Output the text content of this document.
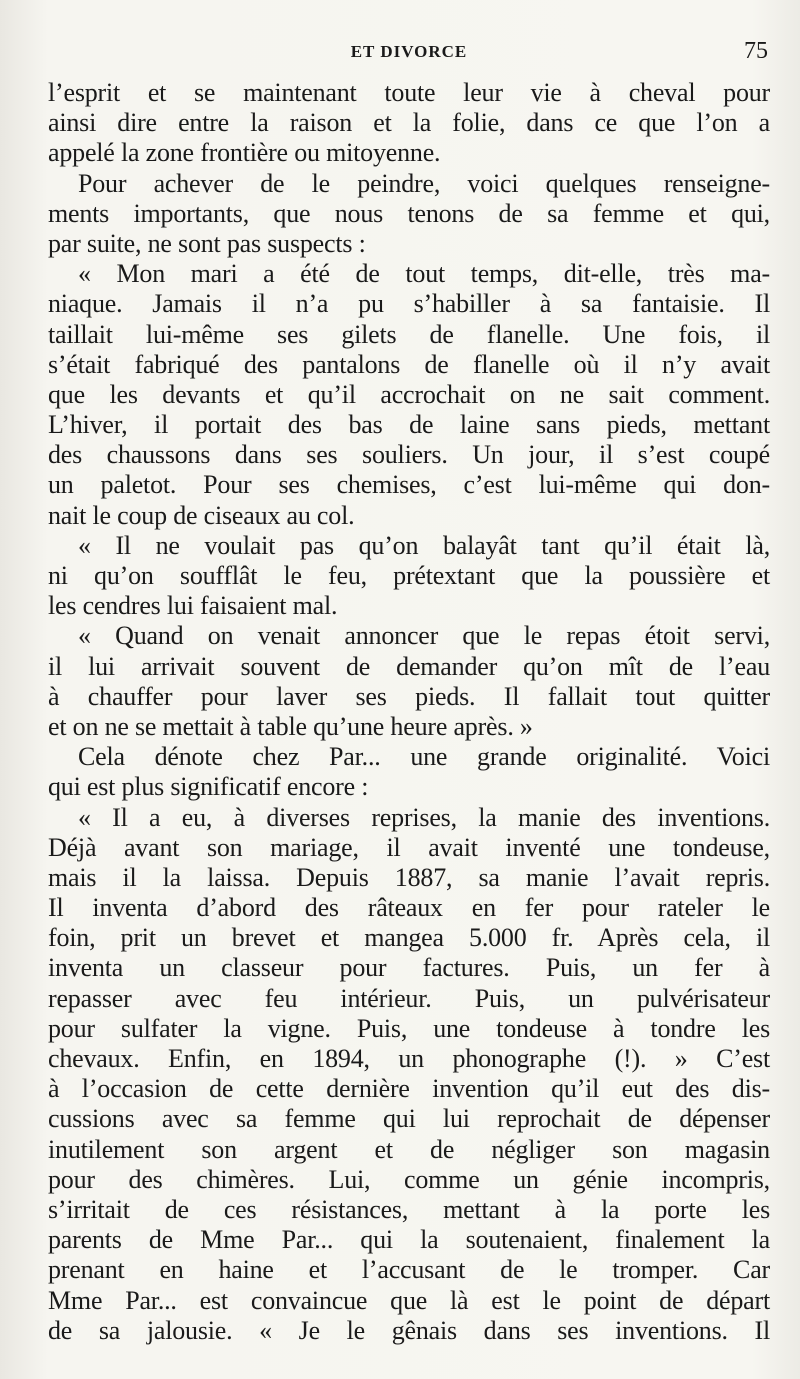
ET DIVORCE	75
l’esprit et se maintenant toute leur vie à cheval pour
ainsi dire entre la raison et la folie, dans ce que l’on a
appelé la zone frontière ou mitoyenne.
Pour achever de le peindre, voici quelques renseigne-
ments importants, que nous tenons de sa femme et qui,
par suite, ne sont pas suspects :
« Mon mari a été de tout temps, dit-elle, très ma-
niaque. Jamais il n’a pu s’habiller à sa fantaisie. Il
taillait lui-même ses gilets de flanelle. Une fois, il
s’était fabriqué des pantalons de flanelle où il n’y avait
que les devants et qu’il accrochait on ne sait comment.
L’hiver, il portait des bas de laine sans pieds, mettant
des chaussons dans ses souliers. Un jour, il s’est coupé
un paletot. Pour ses chemises, c’est lui-même qui don-
nait le coup de ciseaux au col.
« Il ne voulait pas qu’on balayât tant qu’il était là,
ni qu’on soufflât le feu, prétextant que la poussière et
les cendres lui faisaient mal.
« Quand on venait annoncer que le repas étoit servi,
il lui arrivait souvent de demander qu’on mît de l’eau
à chauffer pour laver ses pieds. Il fallait tout quitter
et on ne se mettait à table qu’une heure après. »
Cela dénote chez Par... une grande originalité. Voici
qui est plus significatif encore :
« Il a eu, à diverses reprises, la manie des inventions.
Déjà avant son mariage, il avait inventé une tondeuse,
mais il la laissa. Depuis 1887, sa manie l’avait repris.
Il inventa d’abord des râteaux en fer pour rateler le
foin, prit un brevet et mangea 5.000 fr. Après cela, il
inventa un classeur pour factures. Puis, un fer à
repasser avec feu intérieur. Puis, un pulvérisateur
pour sulfater la vigne. Puis, une tondeuse à tondre les
chevaux. Enfin, en 1894, un phonographe (!). » C’est
à l’occasion de cette dernière invention qu’il eut des dis-
cussions avec sa femme qui lui reprochait de dépenser
inutilement son argent et de négliger son magasin
pour des chimères. Lui, comme un génie incompris,
s’irritait de ces résistances, mettant à la porte les
parents de Mme Par... qui la soutenaient, finalement la
prenant en haine et l’accusant de le tromper. Car
Mme Par... est convaincue que là est le point de départ
de sa jalousie. « Je le gênais dans ses inventions. Il
